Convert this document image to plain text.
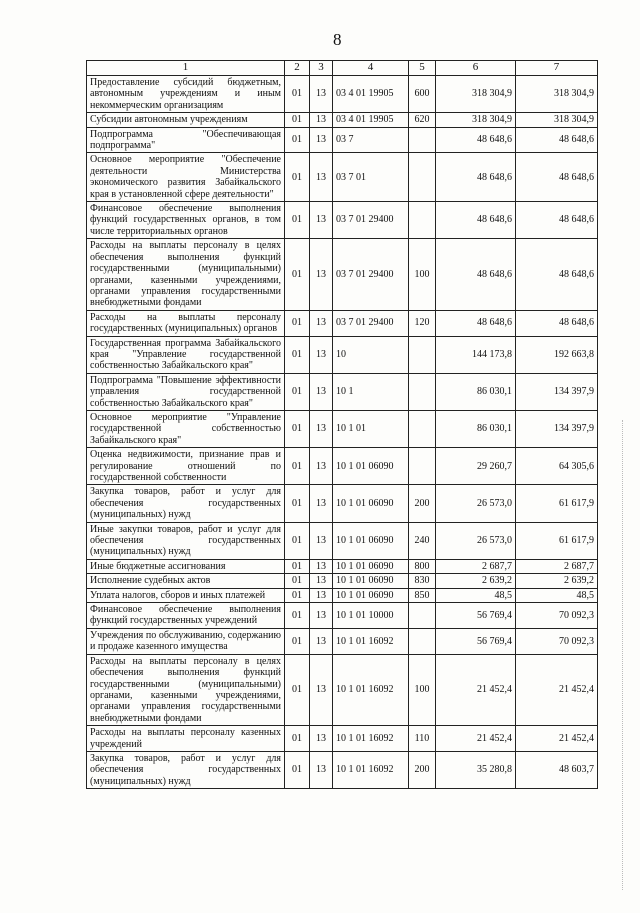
8
1	2	3	4	5	6	7
Предоставление субсидий бюджетным, автономным учреждениям и иным некоммерческим организациям	01	13	03 4 01 19905	600	318 304,9	318 304,9
Субсидии автономным учреждениям	01	13	03 4 01 19905	620	318 304,9	318 304,9
Подпрограмма "Обеспечивающая подпрограмма"	01	13	03 7		48 648,6	48 648,6
Основное мероприятие "Обеспечение деятельности Министерства экономического развития Забайкальского края в установленной сфере деятельности"	01	13	03 7 01		48 648,6	48 648,6
Финансовое обеспечение выполнения функций государственных органов, в том числе территориальных органов	01	13	03 7 01 29400		48 648,6	48 648,6
Расходы на выплаты персоналу в целях обеспечения выполнения функций государственными (муниципальными) органами, казенными учреждениями, органами управления государственными внебюджетными фондами	01	13	03 7 01 29400	100	48 648,6	48 648,6
Расходы на выплаты персоналу государственных (муниципальных) органов	01	13	03 7 01 29400	120	48 648,6	48 648,6
Государственная программа Забайкальского края "Управление государственной собственностью Забайкальского края"	01	13	10		144 173,8	192 663,8
Подпрограмма "Повышение эффективности управления государственной собственностью Забайкальского края"	01	13	10 1		86 030,1	134 397,9
Основное мероприятие "Управление государственной собственностью Забайкальского края"	01	13	10 1 01		86 030,1	134 397,9
Оценка недвижимости, признание прав и регулирование отношений по государственной собственности	01	13	10 1 01 06090		29 260,7	64 305,6
Закупка товаров, работ и услуг для обеспечения государственных (муниципальных) нужд	01	13	10 1 01 06090	200	26 573,0	61 617,9
Иные закупки товаров, работ и услуг для обеспечения государственных (муниципальных) нужд	01	13	10 1 01 06090	240	26 573,0	61 617,9
Иные бюджетные ассигнования	01	13	10 1 01 06090	800	2 687,7	2 687,7
Исполнение судебных актов	01	13	10 1 01 06090	830	2 639,2	2 639,2
Уплата налогов, сборов и иных платежей	01	13	10 1 01 06090	850	48,5	48,5
Финансовое обеспечение выполнения функций государственных учреждений	01	13	10 1 01 10000		56 769,4	70 092,3
Учреждения по обслуживанию, содержанию и продаже казенного имущества	01	13	10 1 01 16092		56 769,4	70 092,3
Расходы на выплаты персоналу в целях обеспечения выполнения функций государственными (муниципальными) органами, казенными учреждениями, органами управления государственными внебюджетными фондами	01	13	10 1 01 16092	100	21 452,4	21 452,4
Расходы на выплаты персоналу казенных учреждений	01	13	10 1 01 16092	110	21 452,4	21 452,4
Закупка товаров, работ и услуг для обеспечения государственных (муниципальных) нужд	01	13	10 1 01 16092	200	35 280,8	48 603,7
